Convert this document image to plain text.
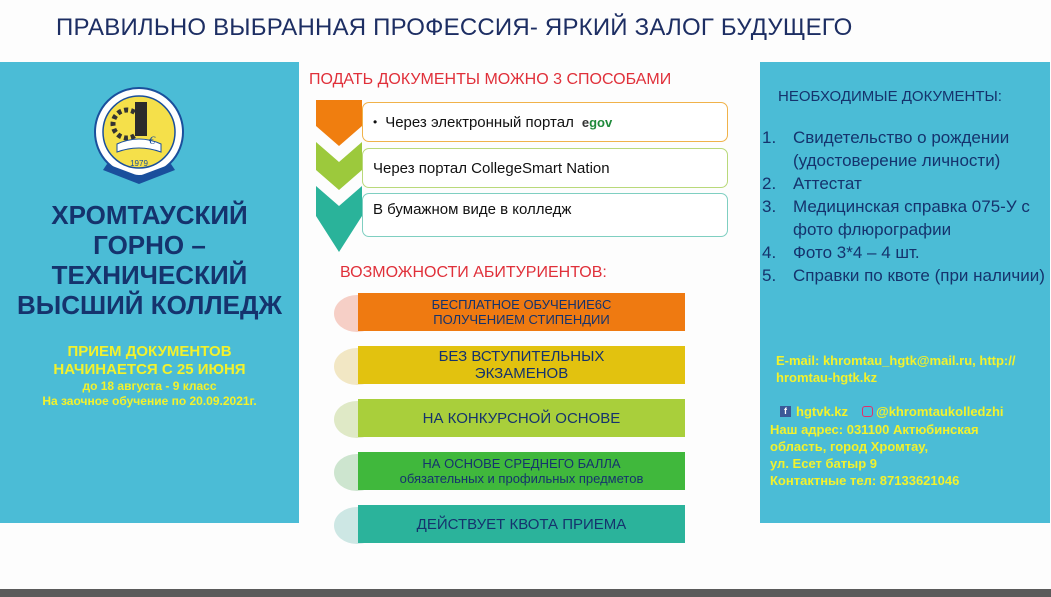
ПРАВИЛЬНО ВЫБРАННАЯ ПРОФЕССИЯ- ЯРКИЙ ЗАЛОГ БУДУЩЕГО
€
1979
ХРОМТАУСКИЙ
ГОРНО –
ТЕХНИЧЕСКИЙ
ВЫСШИЙ КОЛЛЕДЖ
ПРИЕМ ДОКУМЕНТОВ
НАЧИНАЕТСЯ С 25 ИЮНЯ
до 18 августа - 9 класс
На заочное обучение по 20.09.2021г.
ПОДАТЬ ДОКУМЕНТЫ МОЖНО 3 СПОСОБАМИ
• Через электронный портал egov
Через портал CollegeSmart Nation
В бумажном виде в колледж
ВОЗМОЖНОСТИ АБИТУРИЕНТОВ:
БЕСПЛАТНОЕ ОБУЧЕНИЕ6С
ПОЛУЧЕНИЕМ СТИПЕНДИИ
БЕЗ ВСТУПИТЕЛЬНЫХ
ЭКЗАМЕНОВ
НА КОНКУРСНОЙ ОСНОВЕ
НА ОСНОВЕ СРЕДНЕГО БАЛЛА
обязательных и профильных предметов
ДЕЙСТВУЕТ КВОТА ПРИЕМА
НЕОБХОДИМЫЕ ДОКУМЕНТЫ:
1. Свидетельство о рождении (удостоверение личности)
2. Аттестат
3. Медицинская справка 075-У с фото флюрографии
4. Фото 3*4 – 4 шт.
5. Справки по квоте (при наличии)
E-mail: khromtau_hgtk@mail.ru, http://
hromtau-hgtk.kz
f hgtvk.kz @khromtaukolledzhi
Наш адрес: 031100 Актюбинская
область, город Хромтау,
ул. Есет батыр 9
Контактные тел: 87133621046
